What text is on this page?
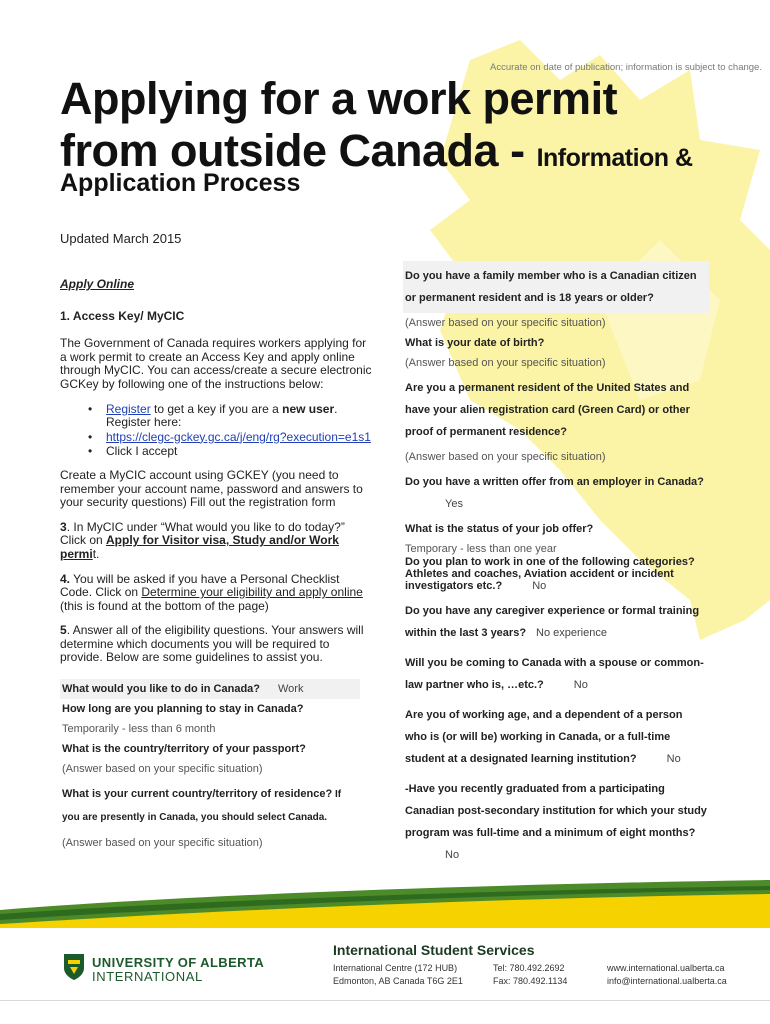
Accurate on date of publication; information is subject to change.
Applying for a work permit
from outside Canada - Information &
Application Process
Updated March 2015
Apply Online
1. Access Key/ MyCIC
The Government of Canada requires workers applying for a work permit to create an Access Key and apply online through MyCIC. You can access/create a secure electronic GCKey by following one of the instructions below:
• Register to get a key if you are a new user. Register here:
• https://clegc-gckey.gc.ca/j/eng/rg?execution=e1s1
• Click I accept
Create a MyCIC account using GCKEY (you need to remember your account name, password and answers to your security questions) Fill out the registration form
3. In MyCIC under “What would you like to do today?” Click on Apply for Visitor visa, Study and/or Work permit.
4. You will be asked if you have a Personal Checklist Code. Click on Determine your eligibility and apply online (this is found at the bottom of the page)
5. Answer all of the eligibility questions. Your answers will determine which documents you will be required to provide. Below are some guidelines to assist you.
What would you like to do in Canada? Work
How long are you planning to stay in Canada?
Temporarily - less than 6 month
What is the country/territory of your passport?
(Answer based on your specific situation)
What is your current country/territory of residence? If you are presently in Canada, you should select Canada.
(Answer based on your specific situation)
Do you have a family member who is a Canadian citizen or permanent resident and is 18 years or older?
(Answer based on your specific situation)
What is your date of birth?
(Answer based on your specific situation)
Are you a permanent resident of the United States and have your alien registration card (Green Card) or other proof of permanent residence?
(Answer based on your specific situation)
Do you have a written offer from an employer in Canada?Yes
What is the status of your job offer?
Temporary - less than one year
Do you plan to work in one of the following categories? Athletes and coaches, Aviation accident or incident investigators etc.?	No
Do you have any caregiver experience or formal training within the last 3 years? No experience
Will you be coming to Canada with a spouse or common-law partner who is, …etc.?	No
Are you of working age, and a dependent of a person who is (or will be) working in Canada, or a full-time student at a designated learning institution?	No
-Have you recently graduated from a participating Canadian post-secondary institution for which your study program was full-time and a minimum of eight months?No
UNIVERSITY OF ALBERTA
INTERNATIONAL
International Student Services
International Centre (172 HUB)
Edmonton, AB Canada T6G 2E1
Tel: 780.492.2692
Fax: 780.492.1134
www.international.ualberta.ca
info@international.ualberta.ca
